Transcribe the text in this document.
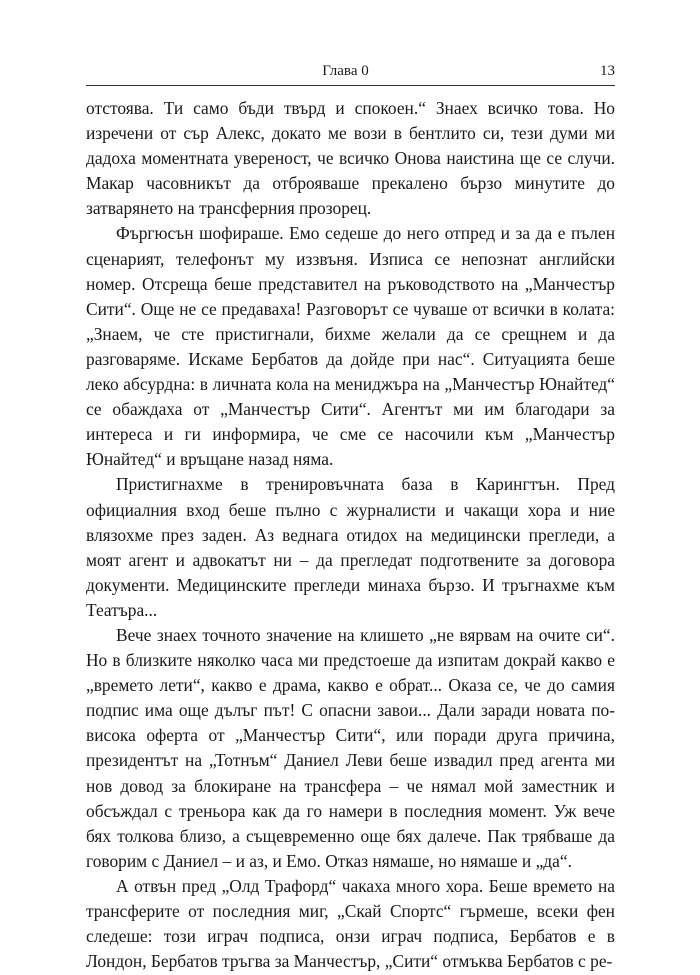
Глава 0	13

отстоява. Ти само бъди твърд и спокоен.“ Знаех всичко това. Но изречени от сър Алекс, докато ме вози в бентлито си, тези думи ми дадоха моментната увереност, че всичко Онова наистина ще се случи. Макар часовникът да отброяваше прекалено бързо минутите до затварянето на трансферния прозорец.

Фъргюсън шофираше. Емо седеше до него отпред и за да е пълен сценарият, телефонът му иззвъня. Изписа се непознат английски номер. Отсреща беше представител на ръководството на „Манчестър Сити“. Още не се предаваха! Разговорът се чуваше от всички в колата: „Знаем, че сте пристигнали, бихме желали да се срещнем и да разговаряме. Искаме Бербатов да дойде при нас“. Ситуацията беше леко абсурдна: в личната кола на мениджъра на „Манчестър Юнайтед“ се обаждаха от „Манчестър Сити“. Агентът ми им благодари за интереса и ги информира, че сме се насочили към „Манчестър Юнайтед“ и връщане назад няма.

Пристигнахме в тренировъчната база в Карингтън. Пред официалния вход беше пълно с журналисти и чакащи хора и ние влязохме през заден. Аз веднага отидох на медицински прегледи, а моят агент и адвокатът ни – да прегледат подготвените за договора документи. Медицинските прегледи минаха бързо. И тръгнахме към Театъра...

Вече знаех точното значение на клишето „не вярвам на очите си“. Но в близките няколко часа ми предстоеше да изпитам докрай какво е „времето лети“, какво е драма, какво е обрат... Оказа се, че до самия подпис има още дълъг път! С опасни завои... Дали заради новата по-висока оферта от „Манчестър Сити“, или поради друга причина, президентът на „Тотнъм“ Даниел Леви беше извадил пред агента ми нов довод за блокиране на трансфера – че нямал мой заместник и обсъждал с треньора как да го намери в последния момент. Уж вече бях толкова близо, а същевременно още бях далече. Пак трябваше да говорим с Даниел – и аз, и Емо. Отказ нямаше, но нямаше и „да“.

А отвън пред „Олд Трафорд“ чакаха много хора. Беше времето на трансферите от последния миг, „Скай Спортс“ гърмеше, всеки фен следеше: този играч подписа, онзи играч подписа, Бербатов е в Лондон, Бербатов тръгва за Манчестър, „Сити“ отмъква Бербатов с ре-
